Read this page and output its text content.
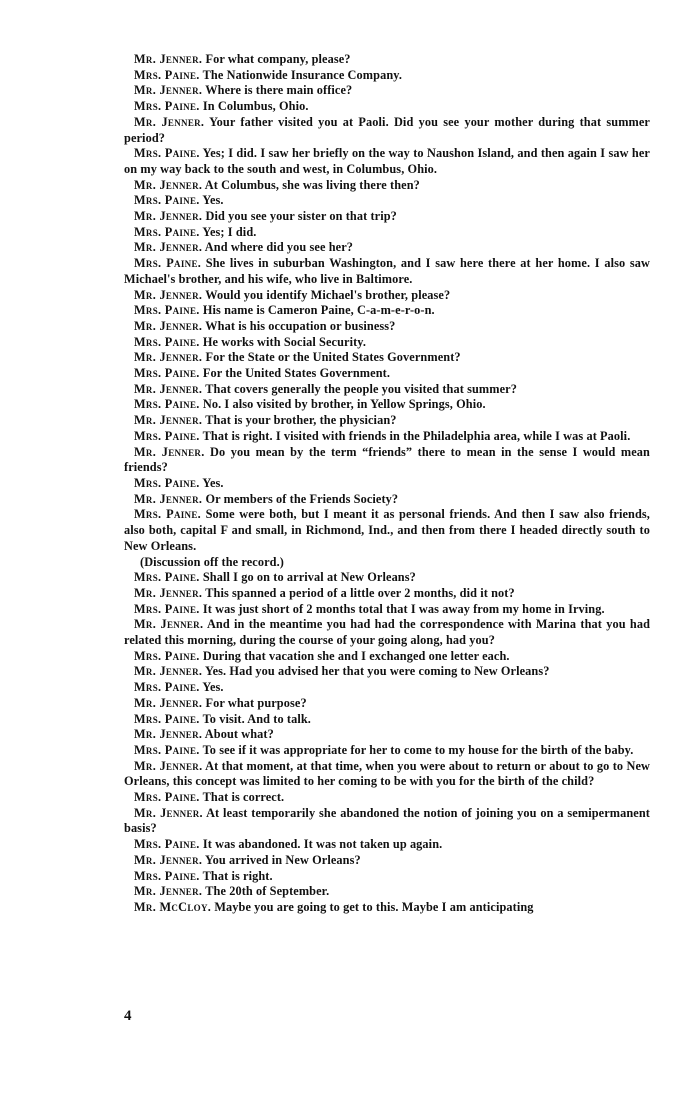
Mr. Jenner. For what company, please?

Mrs. Paine. The Nationwide Insurance Company.

Mr. Jenner. Where is there main office?

Mrs. Paine. In Columbus, Ohio.

Mr. Jenner. Your father visited you at Paoli. Did you see your mother during that summer period?

Mrs. Paine. Yes; I did. I saw her briefly on the way to Naushon Island, and then again I saw her on my way back to the south and west, in Columbus, Ohio.

Mr. Jenner. At Columbus, she was living there then?

Mrs. Paine. Yes.

Mr. Jenner. Did you see your sister on that trip?

Mrs. Paine. Yes; I did.

Mr. Jenner. And where did you see her?

Mrs. Paine. She lives in suburban Washington, and I saw here there at her home. I also saw Michael's brother, and his wife, who live in Baltimore.

Mr. Jenner. Would you identify Michael's brother, please?

Mrs. Paine. His name is Cameron Paine, C-a-m-e-r-o-n.

Mr. Jenner. What is his occupation or business?

Mrs. Paine. He works with Social Security.

Mr. Jenner. For the State or the United States Government?

Mrs. Paine. For the United States Government.

Mr. Jenner. That covers generally the people you visited that summer?

Mrs. Paine. No. I also visited by brother, in Yellow Springs, Ohio.

Mr. Jenner. That is your brother, the physician?

Mrs. Paine. That is right. I visited with friends in the Philadelphia area, while I was at Paoli.

Mr. Jenner. Do you mean by the term “friends” there to mean in the sense I would mean friends?

Mrs. Paine. Yes.

Mr. Jenner. Or members of the Friends Society?

Mrs. Paine. Some were both, but I meant it as personal friends. And then I saw also friends, also both, capital F and small, in Richmond, Ind., and then from there I headed directly south to New Orleans.

(Discussion off the record.)

Mrs. Paine. Shall I go on to arrival at New Orleans?

Mr. Jenner. This spanned a period of a little over 2 months, did it not?

Mrs. Paine. It was just short of 2 months total that I was away from my home in Irving.

Mr. Jenner. And in the meantime you had had the correspondence with Marina that you had related this morning, during the course of your going along, had you?

Mrs. Paine. During that vacation she and I exchanged one letter each.

Mr. Jenner. Yes. Had you advised her that you were coming to New Orleans?

Mrs. Paine. Yes.

Mr. Jenner. For what purpose?

Mrs. Paine. To visit. And to talk.

Mr. Jenner. About what?

Mrs. Paine. To see if it was appropriate for her to come to my house for the birth of the baby.

Mr. Jenner. At that moment, at that time, when you were about to return or about to go to New Orleans, this concept was limited to her coming to be with you for the birth of the child?

Mrs. Paine. That is correct.

Mr. Jenner. At least temporarily she abandoned the notion of joining you on a semipermanent basis?

Mrs. Paine. It was abandoned. It was not taken up again.

Mr. Jenner. You arrived in New Orleans?

Mrs. Paine. That is right.

Mr. Jenner. The 20th of September.

Mr. McCloy. Maybe you are going to get to this. Maybe I am anticipating

4
